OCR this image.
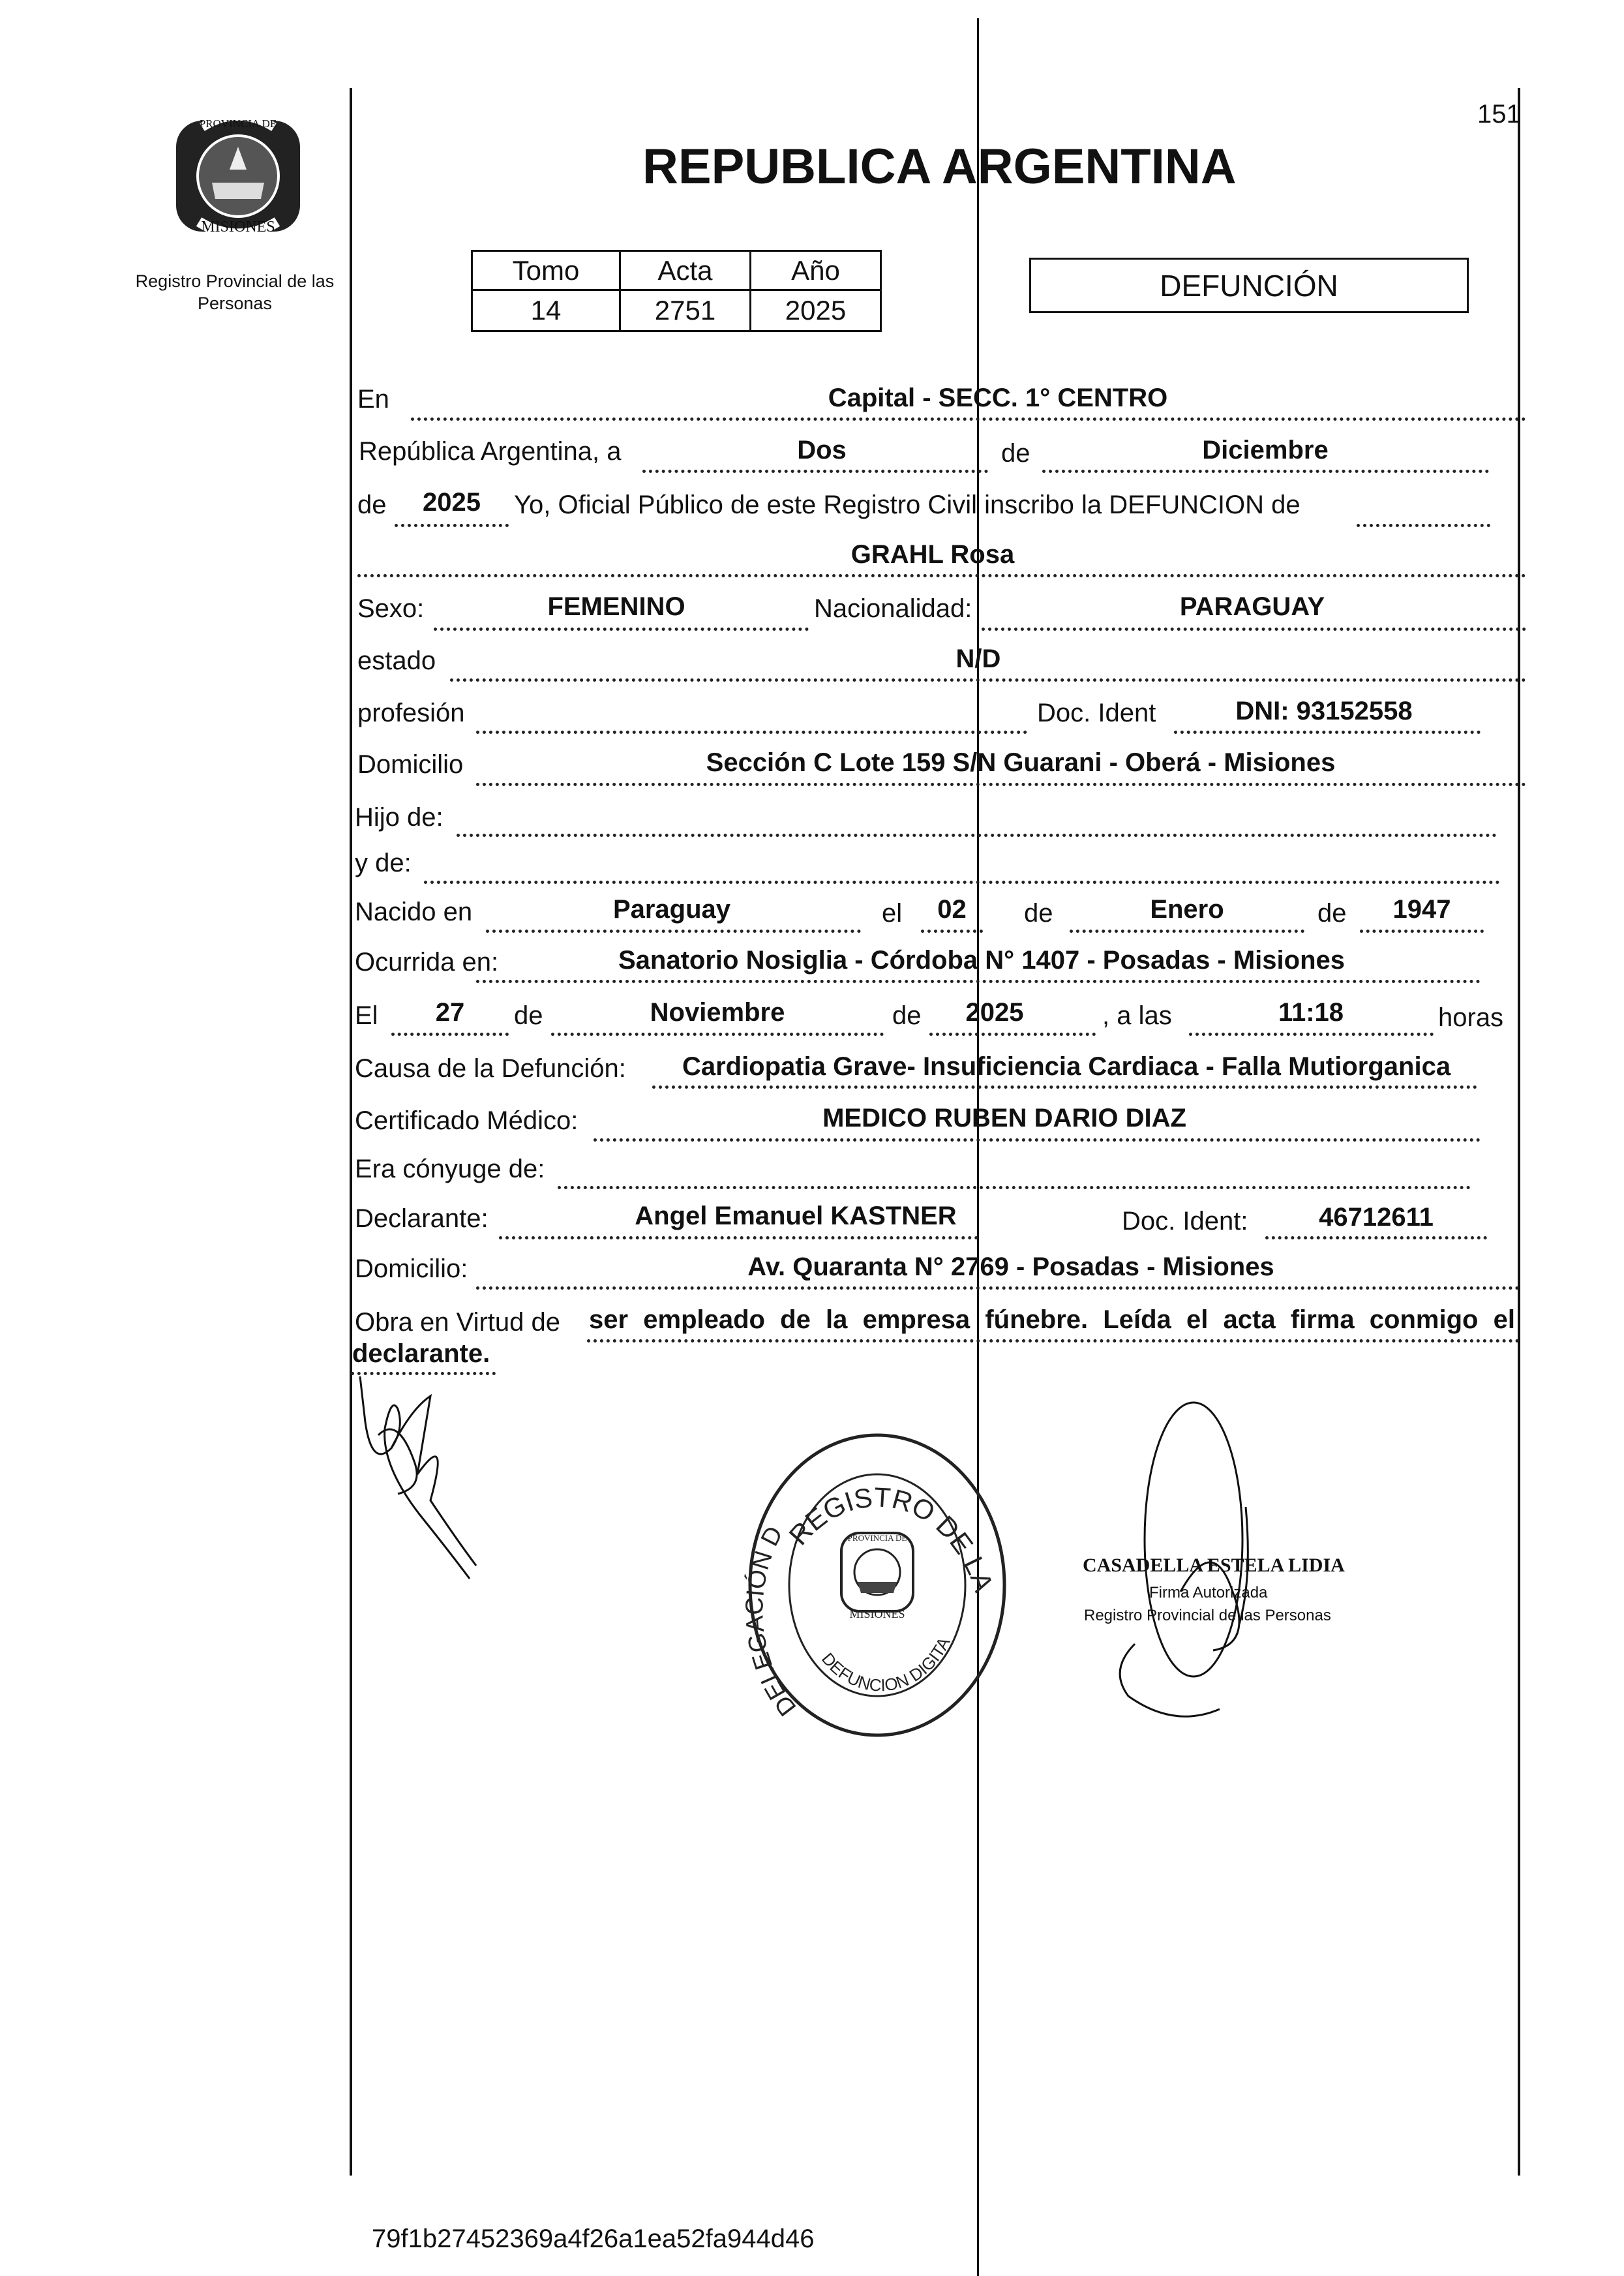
151
PROVINCIA DE
MISIONES
Registro Provincial de las Personas
REPUBLICA ARGENTINA
Tomo	Acta	Año
14	2751	2025
DEFUNCIÓN
En	Capital - SECC. 1° CENTRO
República Argentina, a	Dos	de	Diciembre
de	2025	Yo, Oficial Público de este Registro Civil inscribo la DEFUNCION de
GRAHL Rosa
Sexo:	FEMENINO	Nacionalidad:	PARAGUAY
estado	N/D
profesión	Doc. Ident	DNI: 93152558
Domicilio	Sección C Lote 159 S/N Guarani - Oberá - Misiones
Hijo de:
y de:
Nacido en	Paraguay	el	02	de	Enero	de	1947
Ocurrida en:	Sanatorio Nosiglia - Córdoba N° 1407 - Posadas - Misiones
El	27	de	Noviembre	de	2025	, a las	11:18	horas
Causa de la Defunción:	Cardiopatia Grave- Insuficiencia Cardiaca - Falla Mutiorganica
Certificado Médico:	MEDICO RUBEN DARIO DIAZ
Era cónyuge de:
Declarante:	Angel Emanuel KASTNER	Doc. Ident:	46712611
Domicilio:	Av. Quaranta N° 2769 - Posadas - Misiones
Obra en Virtud de ser empleado de la empresa fúnebre. Leída el acta firma conmigo el
declarante.
REGISTRO DE LA
DELEGACIÓN D
DEFUNCION DIGITA
PROVINCIA DE
MISIONES
CASADELLA ESTELA LIDIA
Firma Autorizada
Registro Provincial de las Personas
79f1b27452369a4f26a1ea52fa944d46
